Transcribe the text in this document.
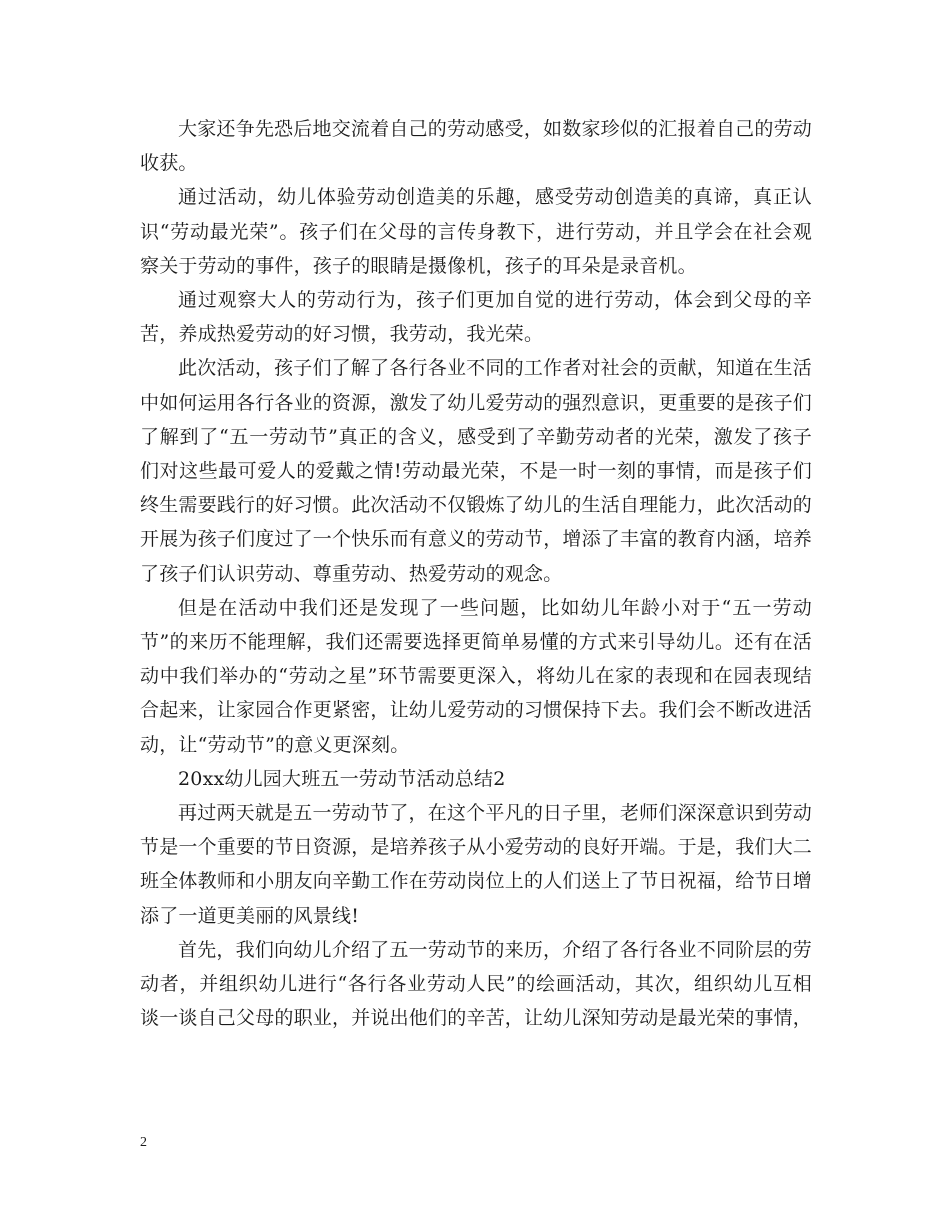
大家还争先恐后地交流着自己的劳动感受，如数家珍似的汇报着自己的劳动收获。

通过活动，幼儿体验劳动创造美的乐趣，感受劳动创造美的真谛，真正认识“劳动最光荣”。孩子们在父母的言传身教下，进行劳动，并且学会在社会观察关于劳动的事件，孩子的眼睛是摄像机，孩子的耳朵是录音机。

通过观察大人的劳动行为，孩子们更加自觉的进行劳动，体会到父母的辛苦，养成热爱劳动的好习惯，我劳动，我光荣。

此次活动，孩子们了解了各行各业不同的工作者对社会的贡献，知道在生活中如何运用各行各业的资源，激发了幼儿爱劳动的强烈意识，更重要的是孩子们了解到了“五一劳动节”真正的含义，感受到了辛勤劳动者的光荣，激发了孩子们对这些最可爱人的爱戴之情!劳动最光荣，不是一时一刻的事情，而是孩子们终生需要践行的好习惯。此次活动不仅锻炼了幼儿的生活自理能力，此次活动的开展为孩子们度过了一个快乐而有意义的劳动节，增添了丰富的教育内涵，培养了孩子们认识劳动、尊重劳动、热爱劳动的观念。

但是在活动中我们还是发现了一些问题，比如幼儿年龄小对于“五一劳动节”的来历不能理解，我们还需要选择更简单易懂的方式来引导幼儿。还有在活动中我们举办的“劳动之星”环节需要更深入，将幼儿在家的表现和在园表现结合起来，让家园合作更紧密，让幼儿爱劳动的习惯保持下去。我们会不断改进活动，让“劳动节”的意义更深刻。

20xx幼儿园大班五一劳动节活动总结2

再过两天就是五一劳动节了，在这个平凡的日子里，老师们深深意识到劳动节是一个重要的节日资源，是培养孩子从小爱劳动的良好开端。于是，我们大二班全体教师和小朋友向辛勤工作在劳动岗位上的人们送上了节日祝福，给节日增添了一道更美丽的风景线!

首先，我们向幼儿介绍了五一劳动节的来历，介绍了各行各业不同阶层的劳动者，并组织幼儿进行“各行各业劳动人民”的绘画活动，其次，组织幼儿互相谈一谈自己父母的职业，并说出他们的辛苦，让幼儿深知劳动是最光荣的事情，

2
